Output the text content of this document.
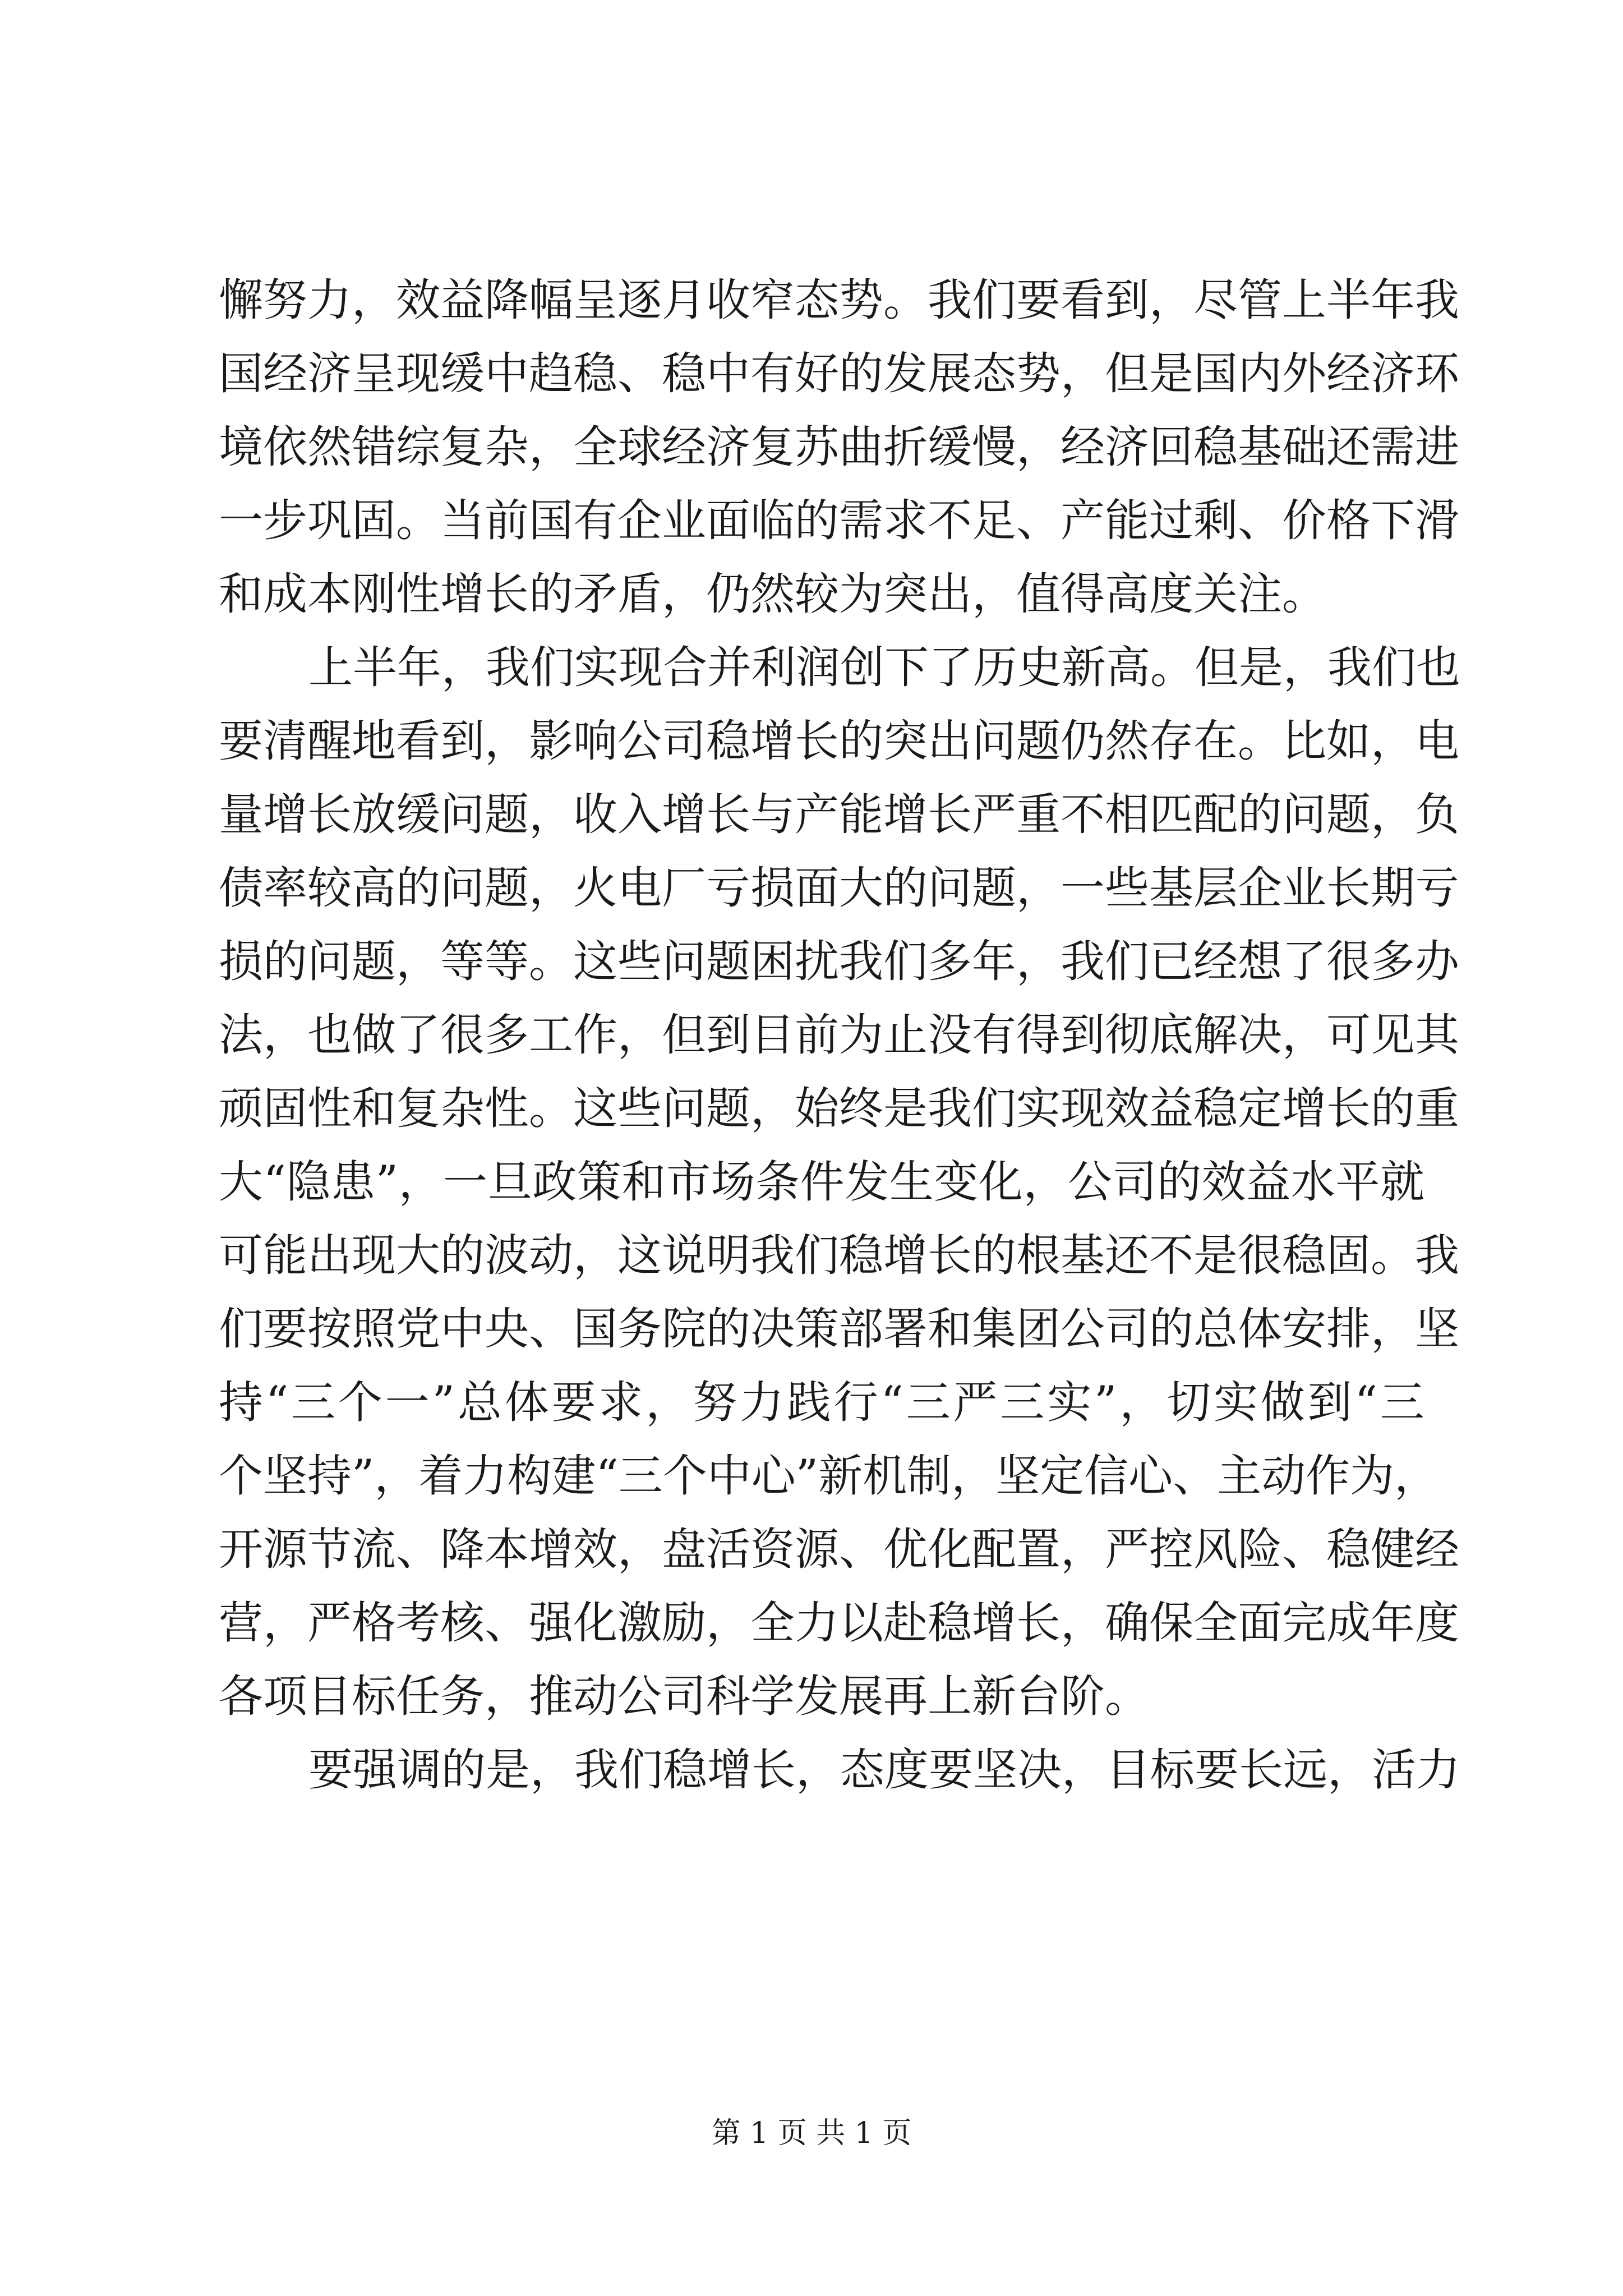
懈 努 力 ， 效 益 降 幅 呈 逐 月 收 窄 态 势 。 我 们 要 看 到 ， 尽 管 上 半 年 我
国 经 济 呈 现 缓 中 趋 稳 、 稳 中 有 好 的 发 展 态 势 ， 但 是 国 内 外 经 济 环
境 依 然 错 综 复 杂 ， 全 球 经 济 复 苏 曲 折 缓 慢 ， 经 济 回 稳 基 础 还 需 进
一 步 巩 固 。 当 前 国 有 企 业 面 临 的 需 求 不 足 、 产 能 过 剩 、 价 格 下 滑
和成本刚性增长的矛盾，仍然较为突出，值得高度关注。
上 半 年 ， 我 们 实 现 合 并 利 润 创 下 了 历 史 新 高 。 但 是 ， 我 们 也
要 清 醒 地 看 到 ， 影 响 公 司 稳 增 长 的 突 出 问 题 仍 然 存 在 。 比 如 ， 电
量 增 长 放 缓 问 题 ， 收 入 增 长 与 产 能 增 长 严 重 不 相 匹 配 的 问 题 ， 负
债 率 较 高 的 问 题 ， 火 电 厂 亏 损 面 大 的 问 题 ， 一 些 基 层 企 业 长 期 亏
损 的 问 题 ， 等 等 。 这 些 问 题 困 扰 我 们 多 年 ， 我 们 已 经 想 了 很 多 办
法 ， 也 做 了 很 多 工 作 ， 但 到 目 前 为 止 没 有 得 到 彻 底 解 决 ， 可 见 其
顽 固 性 和 复 杂 性 。 这 些 问 题 ， 始 终 是 我 们 实 现 效 益 稳 定 增 长 的 重
大 “ 隐 患 ” ， 一 旦 政 策 和 市 场 条 件 发 生 变 化 ， 公 司 的 效 益 水 平 就
可 能 出 现 大 的 波 动 ， 这 说 明 我 们 稳 增 长 的 根 基 还 不 是 很 稳 固 。 我
们 要 按 照 党 中 央 、 国 务 院 的 决 策 部 署 和 集 团 公 司 的 总 体 安 排 ， 坚
持 “ 三 个 一 ” 总 体 要 求 ， 努 力 践 行 “ 三 严 三 实 ” ， 切 实 做 到 “ 三
个 坚 持 ” ， 着 力 构 建 “ 三 个 中 心 ” 新 机 制 ， 坚 定 信 心 、 主 动 作 为 ，
开 源 节 流 、 降 本 增 效 ， 盘 活 资 源 、 优 化 配 置 ， 严 控 风 险 、 稳 健 经
营 ， 严 格 考 核 、 强 化 激 励 ， 全 力 以 赴 稳 增 长 ， 确 保 全 面 完 成 年 度
各项目标任务，推动公司科学发展再上新台阶。
要 强 调 的 是 ， 我 们 稳 增 长 ， 态 度 要 坚 决 ， 目 标 要 长 远 ， 活 力
第 1 页 共 1 页
